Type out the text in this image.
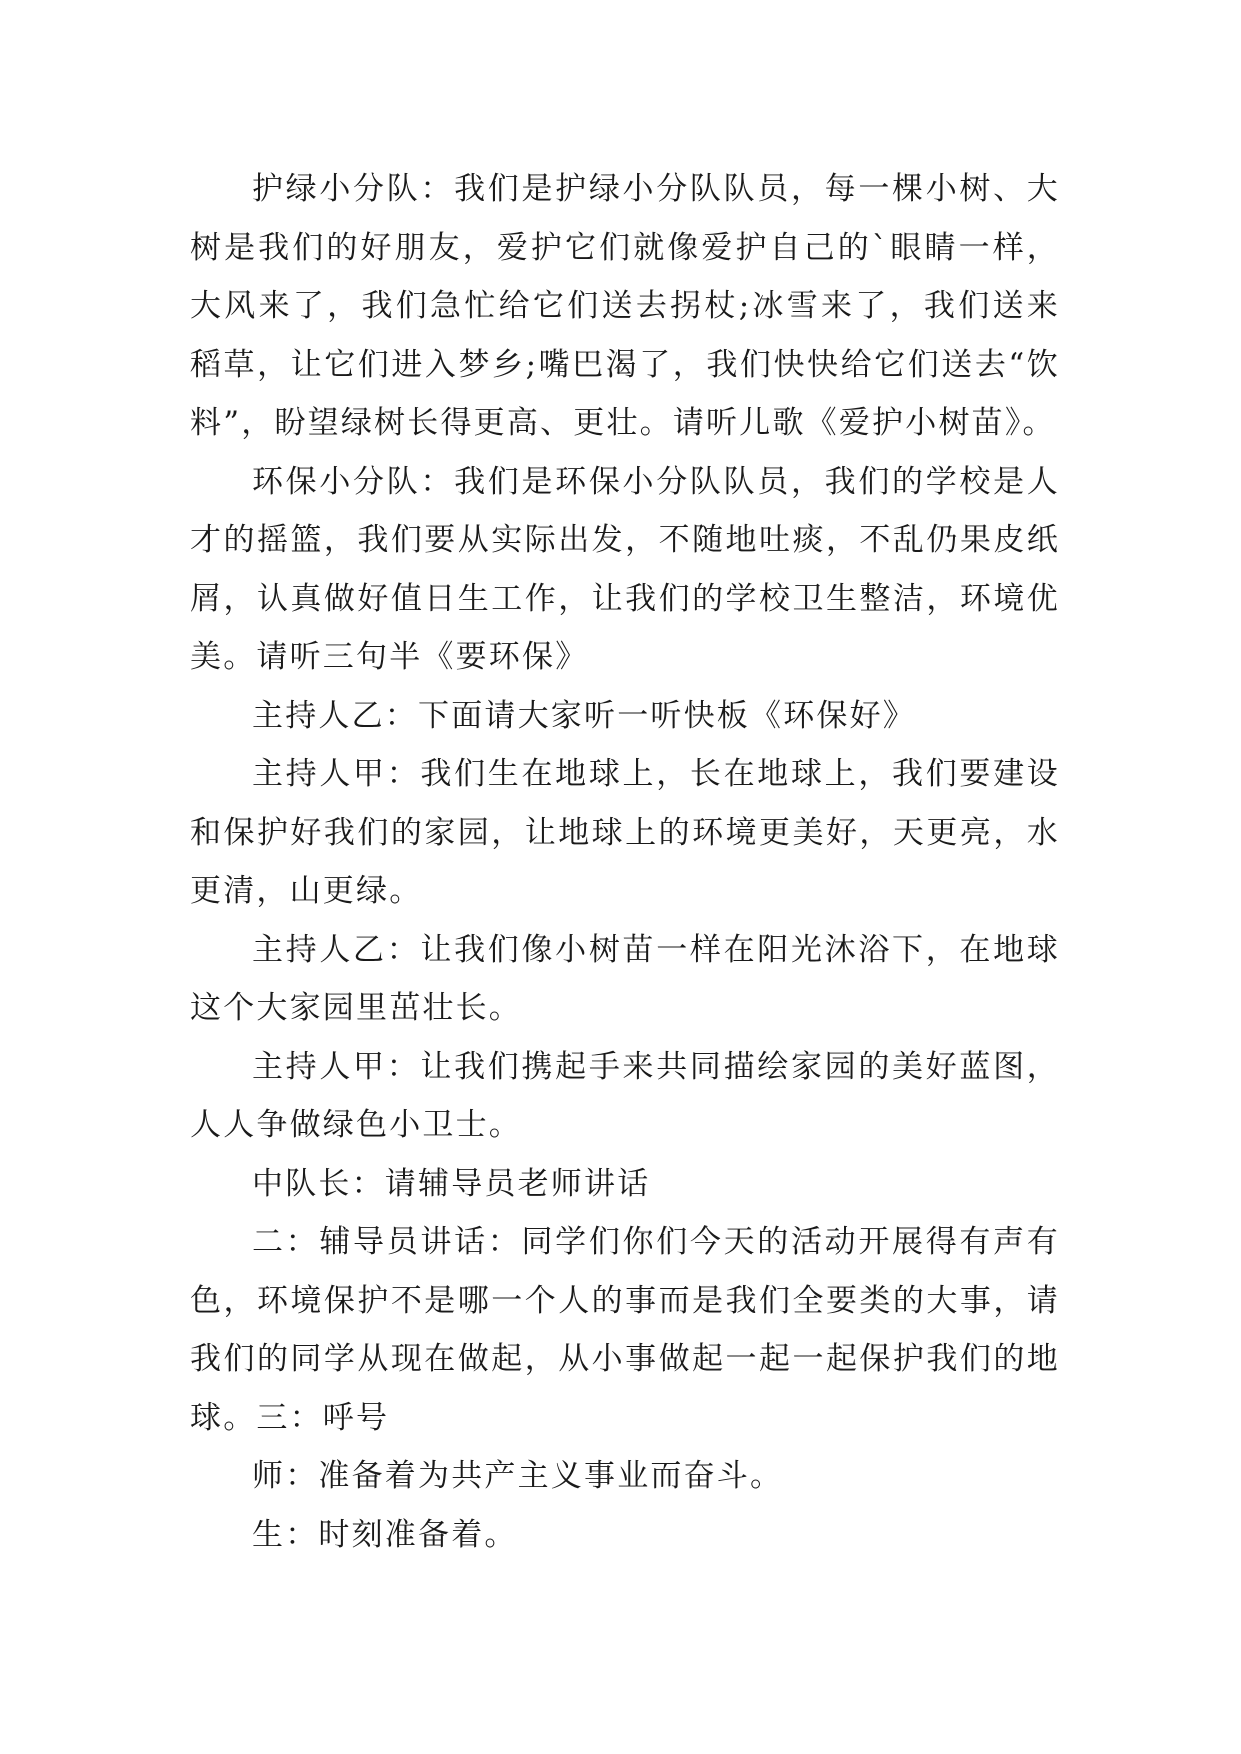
护绿小分队：我们是护绿小分队队员，每一棵小树、大树是我们的好朋友，爱护它们就像爱护自己的`眼睛一样，大风来了，我们急忙给它们送去拐杖;冰雪来了，我们送来稻草，让它们进入梦乡;嘴巴渴了，我们快快给它们送去“饮料”，盼望绿树长得更高、更壮。请听儿歌《爱护小树苗》。

环保小分队：我们是环保小分队队员，我们的学校是人才的摇篮，我们要从实际出发，不随地吐痰，不乱仍果皮纸屑，认真做好值日生工作，让我们的学校卫生整洁，环境优美。请听三句半《要环保》

主持人乙：下面请大家听一听快板《环保好》

主持人甲：我们生在地球上，长在地球上，我们要建设和保护好我们的家园，让地球上的环境更美好，天更亮，水更清，山更绿。

主持人乙：让我们像小树苗一样在阳光沐浴下，在地球这个大家园里茁壮长。

主持人甲：让我们携起手来共同描绘家园的美好蓝图，人人争做绿色小卫士。

中队长：请辅导员老师讲话

二：辅导员讲话：同学们你们今天的活动开展得有声有色，环境保护不是哪一个人的事而是我们全要类的大事，请我们的同学从现在做起，从小事做起一起一起保护我们的地球。三：呼号

师：准备着为共产主义事业而奋斗。

生：时刻准备着。
